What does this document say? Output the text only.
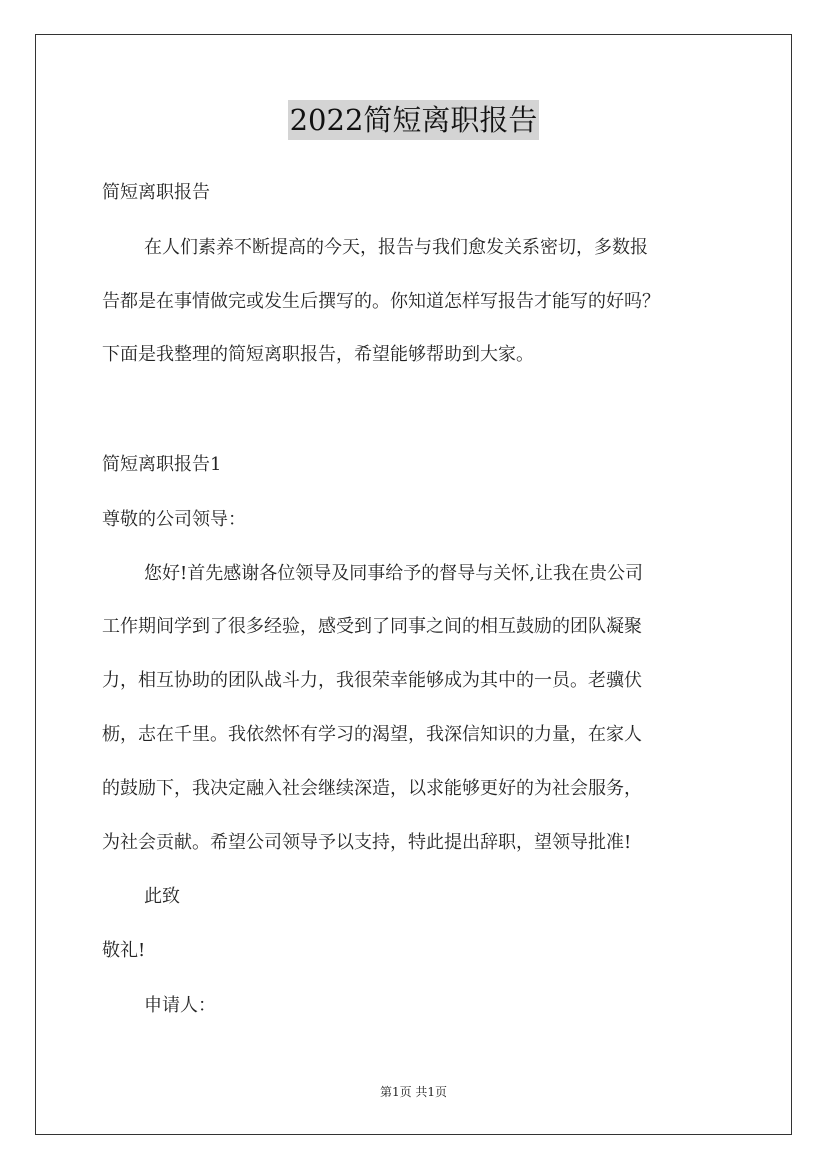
2022简短离职报告
简短离职报告
在人们素养不断提高的今天，报告与我们愈发关系密切，多数报
告都是在事情做完或发生后撰写的。你知道怎样写报告才能写的好吗？
下面是我整理的简短离职报告，希望能够帮助到大家。
简短离职报告1
尊敬的公司领导：
您好!首先感谢各位领导及同事给予的督导与关怀,让我在贵公司
工作期间学到了很多经验，感受到了同事之间的相互鼓励的团队凝聚
力，相互协助的团队战斗力，我很荣幸能够成为其中的一员。老骥伏
枥，志在千里。我依然怀有学习的渴望，我深信知识的力量，在家人
的鼓励下，我决定融入社会继续深造，以求能够更好的为社会服务，
为社会贡献。希望公司领导予以支持，特此提出辞职，望领导批准!
此致
敬礼!
申请人：
第1页 共1页
